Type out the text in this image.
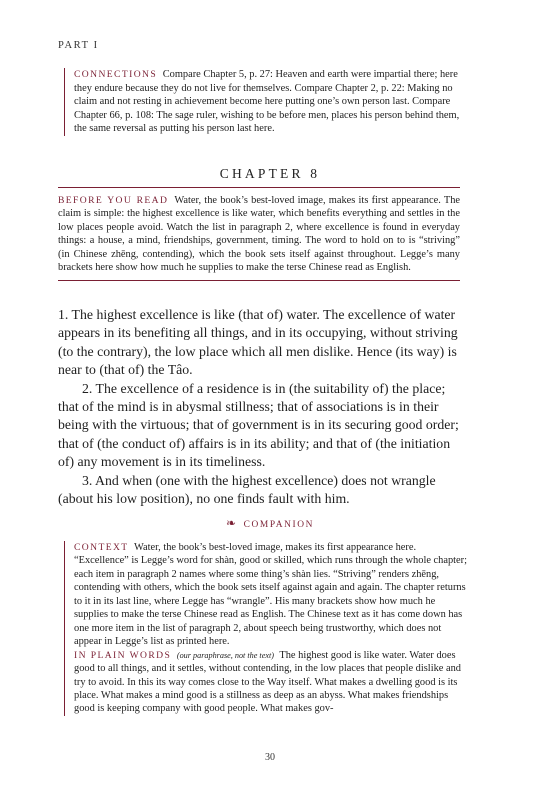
PART I
CONNECTIONS Compare Chapter 5, p. 27: Heaven and earth were impartial there; here they endure because they do not live for themselves. Compare Chapter 2, p. 22: Making no claim and not resting in achievement become here putting one’s own person last. Compare Chapter 66, p. 108: The sage ruler, wishing to be before men, places his person behind them, the same reversal as putting his person last here.
CHAPTER 8
BEFORE YOU READ Water, the book’s best-loved image, makes its first appearance. The claim is simple: the highest excellence is like water, which benefits everything and settles in the low places people avoid. Watch the list in paragraph 2, where excellence is found in everyday things: a house, a mind, friendships, government, timing. The word to hold on to is “striving” (in Chinese zhēng, contending), which the book sets itself against throughout. Legge’s many brackets here show how much he supplies to make the terse Chinese read as English.

1. The highest excellence is like (that of) water. The excellence of water appears in its benefiting all things, and in its occupying, without striving (to the contrary), the low place which all men dislike. Hence (its way) is near to (that of) the Tâo.

2. The excellence of a residence is in (the suitability of) the place; that of the mind is in abysmal stillness; that of associations is in their being with the virtuous; that of government is in its securing good order; that of (the conduct of) affairs is in its ability; and that of (the initiation of) any movement is in its timeliness.

3. And when (one with the highest excellence) does not wrangle (about his low position), no one finds fault with him.

❧ COMPANION

CONTEXT Water, the book’s best-loved image, makes its first appearance here. “Excellence” is Legge’s word for shàn, good or skilled, which runs through the whole chapter; each item in paragraph 2 names where some thing’s shàn lies. “Striving” renders zhēng, contending with others, which the book sets itself against again and again. The chapter returns to it in its last line, where Legge has “wrangle”. His many brackets show how much he supplies to make the terse Chinese read as English. The Chinese text as it has come down has one more item in the list of paragraph 2, about speech being trustworthy, which does not appear in Legge’s list as printed here.

IN PLAIN WORDS (our paraphrase, not the text) The highest good is like water. Water does good to all things, and it settles, without contending, in the low places that people dislike and try to avoid. In this its way comes close to the Way itself. What makes a dwelling good is its place. What makes a mind good is a stillness as deep as an abyss. What makes friendships good is keeping company with good people. What makes gov-

30
